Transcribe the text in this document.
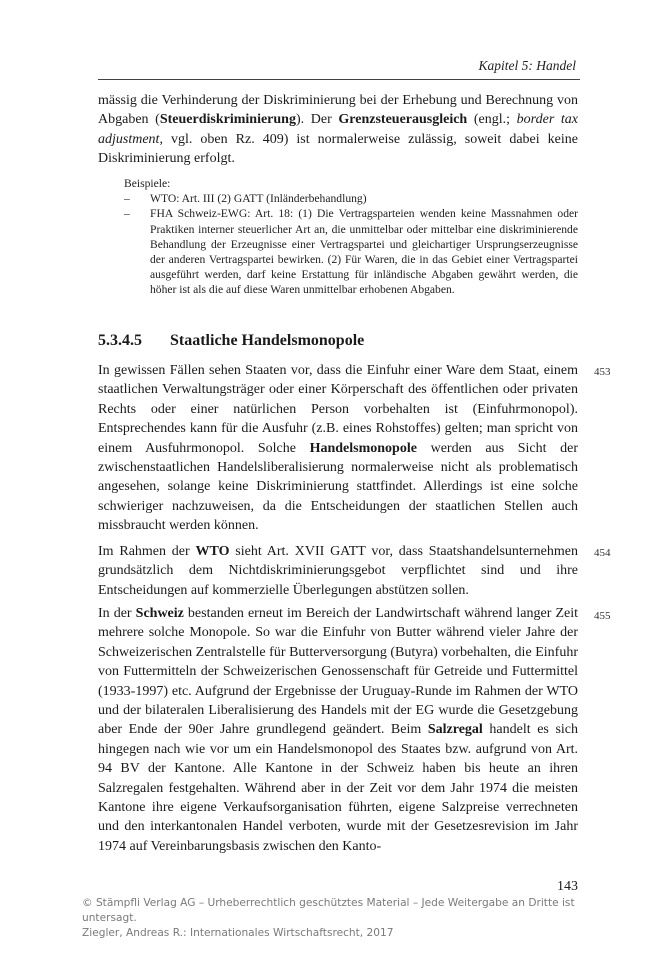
Kapitel 5: Handel
mässig die Verhinderung der Diskriminierung bei der Erhebung und Berechnung von Abgaben (Steuerdiskriminierung). Der Grenzsteuerausgleich (engl.; border tax adjustment, vgl. oben Rz. 409) ist normalerweise zulässig, soweit dabei keine Diskriminierung erfolgt.
Beispiele:
– WTO: Art. III (2) GATT (Inländerbehandlung)
– FHA Schweiz-EWG: Art. 18: (1) Die Vertragsparteien wenden keine Massnahmen oder Praktiken interner steuerlicher Art an, die unmittelbar oder mittelbar eine diskriminierende Behandlung der Erzeugnisse einer Vertragspartei und gleichartiger Ursprungserzeugnisse der anderen Vertragspartei bewirken. (2) Für Waren, die in das Gebiet einer Vertragspartei ausgeführt werden, darf keine Erstattung für inländische Abgaben gewährt werden, die höher ist als die auf diese Waren unmittelbar erhobenen Abgaben.
5.3.4.5 Staatliche Handelsmonopole
453
In gewissen Fällen sehen Staaten vor, dass die Einfuhr einer Ware dem Staat, einem staatlichen Verwaltungsträger oder einer Körperschaft des öffentlichen oder privaten Rechts oder einer natürlichen Person vorbehalten ist (Einfuhrmonopol). Entsprechendes kann für die Ausfuhr (z.B. eines Rohstoffes) gelten; man spricht von einem Ausfuhrmonopol. Solche Handelsmonopole werden aus Sicht der zwischenstaatlichen Handelsliberalisierung normalerweise nicht als problematisch angesehen, solange keine Diskriminierung stattfindet. Allerdings ist eine solche schwieriger nachzuweisen, da die Entscheidungen der staatlichen Stellen auch missbraucht werden können.
454
Im Rahmen der WTO sieht Art. XVII GATT vor, dass Staatshandelsunternehmen grundsätzlich dem Nichtdiskriminierungsgebot verpflichtet sind und ihre Entscheidungen auf kommerzielle Überlegungen abstützen sollen.
455
In der Schweiz bestanden erneut im Bereich der Landwirtschaft während langer Zeit mehrere solche Monopole. So war die Einfuhr von Butter während vieler Jahre der Schweizerischen Zentralstelle für Butterversorgung (Butyra) vorbehalten, die Einfuhr von Futtermitteln der Schweizerischen Genossenschaft für Getreide und Futtermittel (1933-1997) etc. Aufgrund der Ergebnisse der Uruguay-Runde im Rahmen der WTO und der bilateralen Liberalisierung des Handels mit der EG wurde die Gesetzgebung aber Ende der 90er Jahre grundlegend geändert. Beim Salzregal handelt es sich hingegen nach wie vor um ein Handelsmonopol des Staates bzw. aufgrund von Art. 94 BV der Kantone. Alle Kantone in der Schweiz haben bis heute an ihren Salzregalen festgehalten. Während aber in der Zeit vor dem Jahr 1974 die meisten Kantone ihre eigene Verkaufsorganisation führten, eigene Salzpreise verrechneten und den interkantonalen Handel verboten, wurde mit der Gesetzesrevision im Jahr 1974 auf Vereinbarungsbasis zwischen den Kanto-
143
© Stämpfli Verlag AG – Urheberrechtlich geschütztes Material – Jede Weitergabe an Dritte ist untersagt.
Ziegler, Andreas R.: Internationales Wirtschaftsrecht, 2017
